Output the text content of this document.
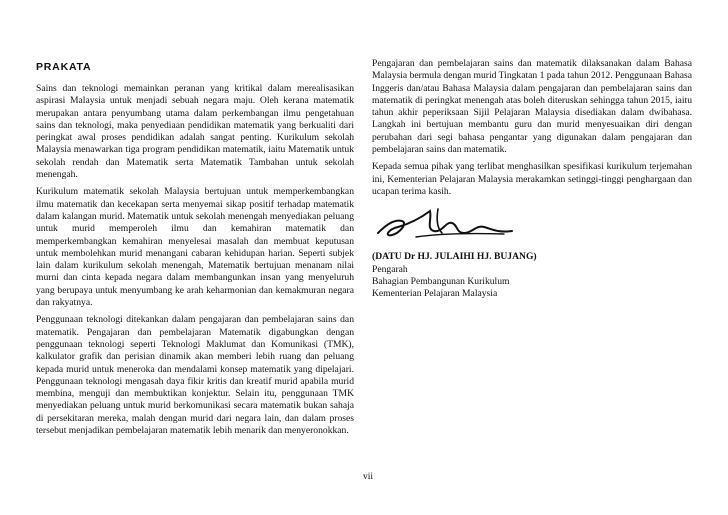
PRAKATA

Sains dan teknologi memainkan peranan yang kritikal dalam merealisasikan aspirasi Malaysia untuk menjadi sebuah negara maju. Oleh kerana matematik merupakan antara penyumbang utama dalam perkembangan ilmu pengetahuan sains dan teknologi, maka penyediaan pendidikan matematik yang berkualiti dari peringkat awal proses pendidikan adalah sangat penting. Kurikulum sekolah Malaysia menawarkan tiga program pendidikan matematik, iaitu Matematik untuk sekolah rendah dan Matematik serta Matematik Tambahan untuk sekolah menengah.

Kurikulum matematik sekolah Malaysia bertujuan untuk memperkembangkan ilmu matematik dan kecekapan serta menyemai sikap positif terhadap matematik dalam kalangan murid. Matematik untuk sekolah menengah menyediakan peluang untuk murid memperoleh ilmu dan kemahiran matematik dan memperkembangkan kemahiran menyelesai masalah dan membuat keputusan untuk membolehkan murid menangani cabaran kehidupan harian. Seperti subjek lain dalam kurikulum sekolah menengah, Matematik bertujuan menanam nilai murni dan cinta kepada negara dalam membangunkan insan yang menyeluruh yang berupaya untuk menyumbang ke arah keharmonian dan kemakmuran negara dan rakyatnya.

Penggunaan teknologi ditekankan dalam pengajaran dan pembelajaran sains dan matematik. Pengajaran dan pembelajaran Matematik digabungkan dengan penggunaan teknologi seperti Teknologi Maklumat dan Komunikasi (TMK), kalkulator grafik dan perisian dinamik akan memberi lebih ruang dan peluang kepada murid untuk meneroka dan mendalami konsep matematik yang dipelajari. Penggunaan teknologi mengasah daya fikir kritis dan kreatif murid apabila murid membina, menguji dan membuktikan konjektur. Selain itu, penggunaan TMK menyediakan peluang untuk murid berkomunikasi secara matematik bukan sahaja di persekitaran mereka, malah dengan murid dari negara lain, dan dalam proses tersebut menjadikan pembelajaran matematik lebih menarik dan menyeronokkan.

Pengajaran dan pembelajaran sains dan matematik dilaksanakan dalam Bahasa Malaysia bermula dengan murid Tingkatan 1 pada tahun 2012. Penggunaan Bahasa Inggeris dan/atau Bahasa Malaysia dalam pengajaran dan pembelajaran sains dan matematik di peringkat menengah atas boleh diteruskan sehingga tahun 2015, iaitu tahun akhir peperiksaan Sijil Pelajaran Malaysia disediakan dalam dwibahasa. Langkah ini bertujuan membantu guru dan murid menyesuaikan diri dengan perubahan dari segi bahasa pengantar yang digunakan dalam pengajaran dan pembelajaran sains dan matematik.

Kepada semua pihak yang terlibat menghasilkan spesifikasi kurikulum terjemahan ini, Kementerian Pelajaran Malaysia merakamkan setinggi-tinggi penghargaan dan ucapan terima kasih.

(DATU Dr HJ. JULAIHI HJ. BUJANG)

Pengarah

Bahagian Pembangunan Kurikulum

Kementerian Pelajaran Malaysia

vii
